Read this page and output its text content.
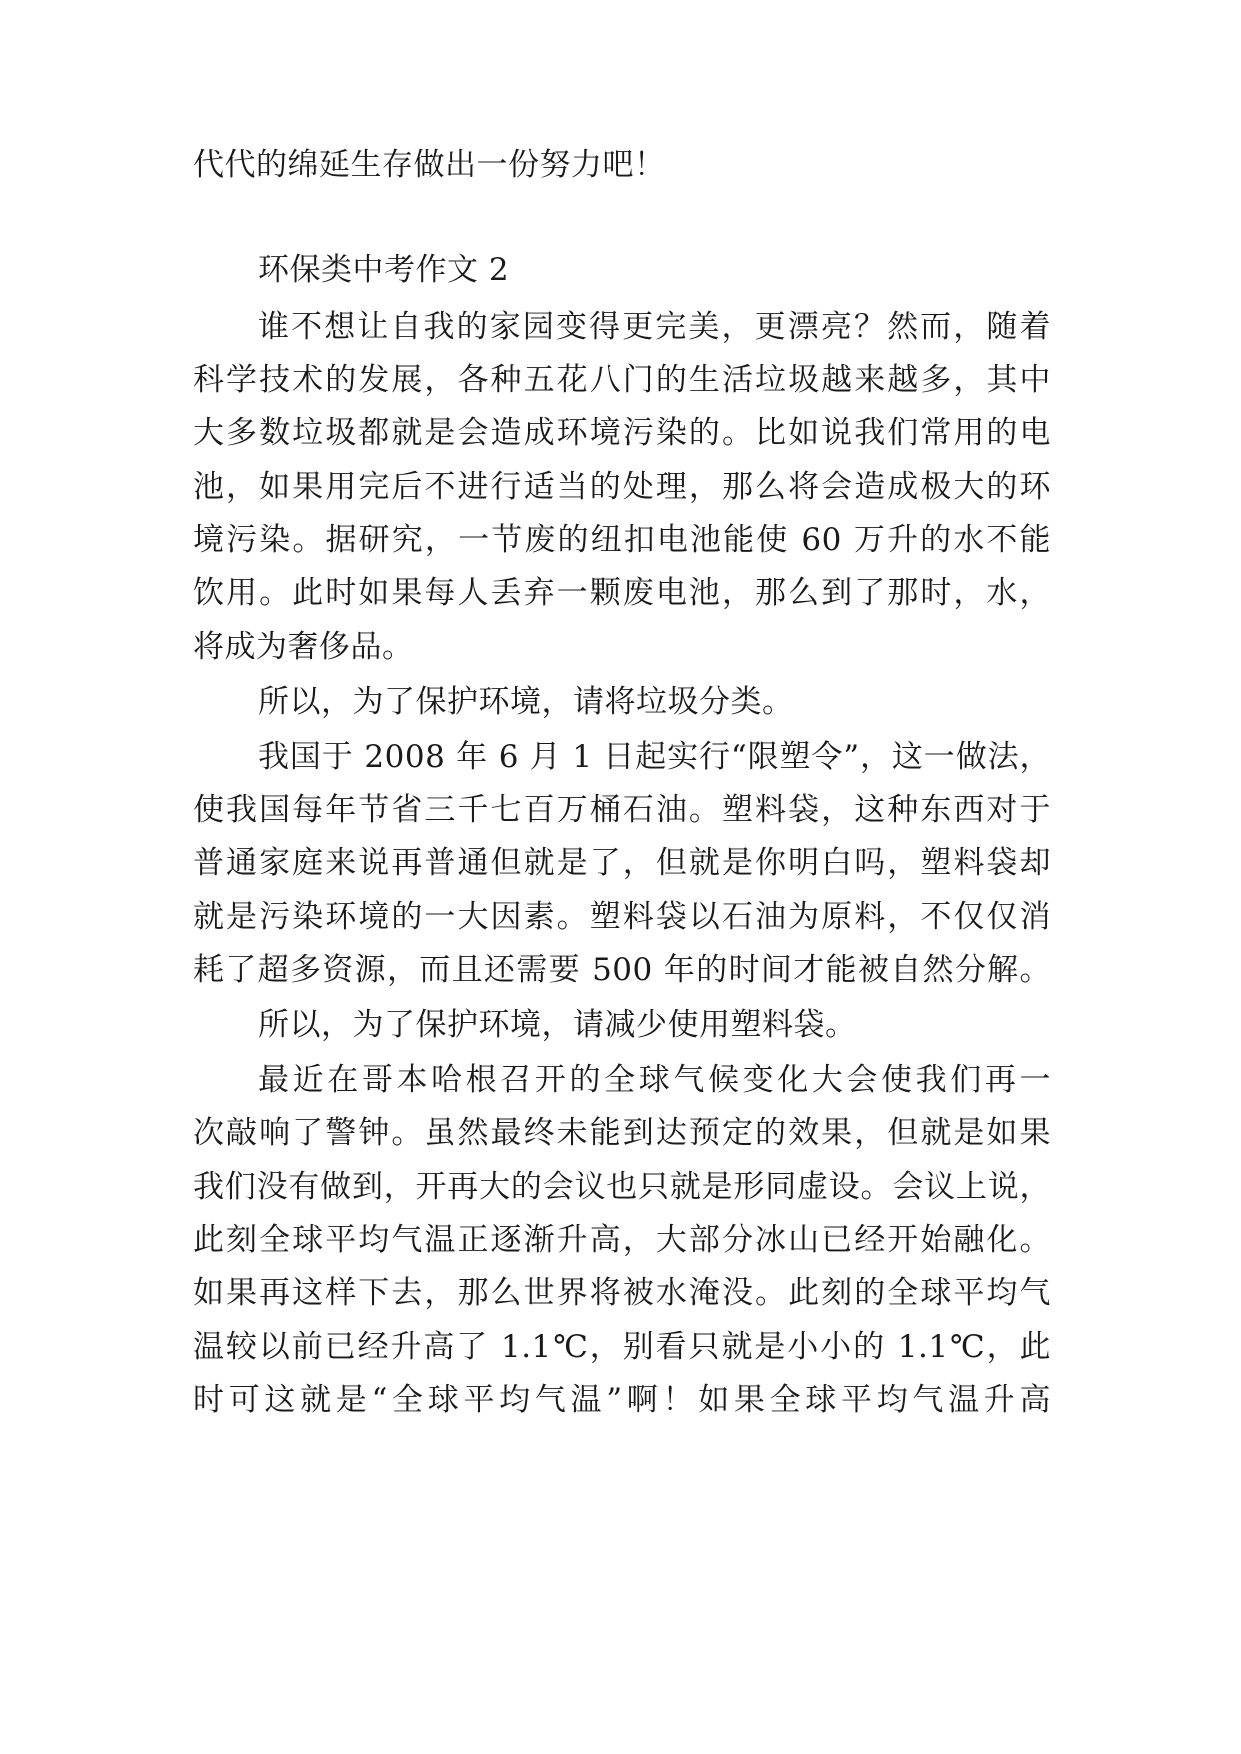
代代的绵延生存做出一份努力吧！
环保类中考作文 2
谁不想让自我的家园变得更完美，更漂亮？然而，随着
科学技术的发展，各种五花八门的生活垃圾越来越多，其中
大多数垃圾都就是会造成环境污染的。比如说我们常用的电
池，如果用完后不进行适当的处理，那么将会造成极大的环
境污染。据研究，一节废的纽扣电池能使 60 万升的水不能
饮用。此时如果每人丢弃一颗废电池，那么到了那时，水，
将成为奢侈品。
所以，为了保护环境，请将垃圾分类。
我国于 2008 年 6 月 1 日起实行“限塑令”，这一做法，
使我国每年节省三千七百万桶石油。塑料袋，这种东西对于
普通家庭来说再普通但就是了，但就是你明白吗，塑料袋却
就是污染环境的一大因素。塑料袋以石油为原料，不仅仅消
耗了超多资源，而且还需要 500 年的时间才能被自然分解。
所以，为了保护环境，请减少使用塑料袋。
最近在哥本哈根召开的全球气候变化大会使我们再一
次敲响了警钟。虽然最终未能到达预定的效果，但就是如果
我们没有做到，开再大的会议也只就是形同虚设。会议上说，
此刻全球平均气温正逐渐升高，大部分冰山已经开始融化。
如果再这样下去，那么世界将被水淹没。此刻的全球平均气
温较以前已经升高了 1.1℃，别看只就是小小的 1.1℃，此
时可这就是“全球平均气温”啊！如果全球平均气温升高
